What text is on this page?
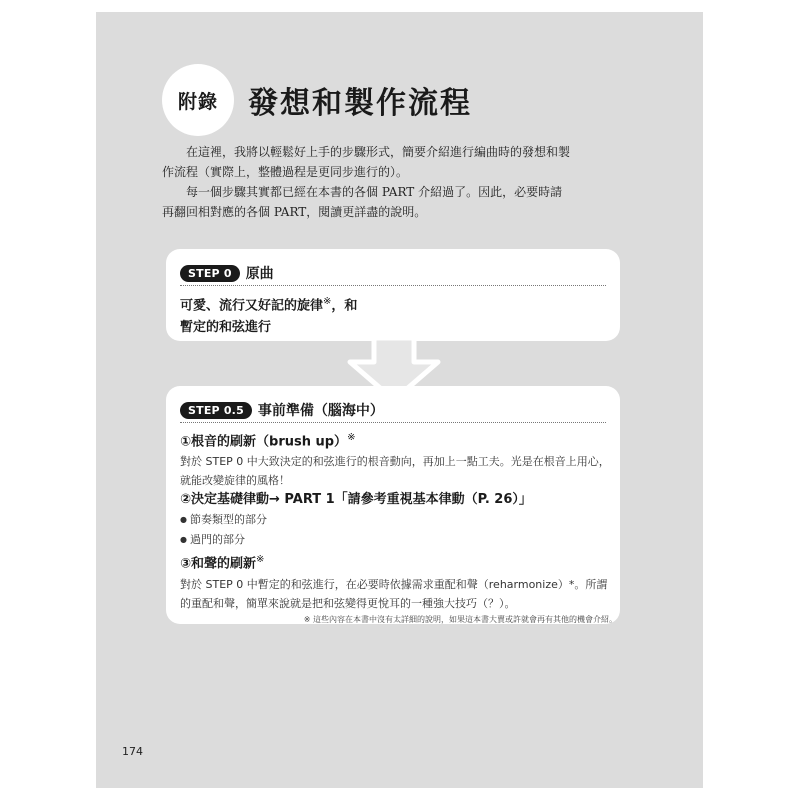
附錄	發想和製作流程

在這裡，我將以輕鬆好上手的步驟形式，簡要介紹進行編曲時的發想和製作流程（實際上，整體過程是更同步進行的）。

每一個步驟其實都已經在本書的各個 PART 介紹過了。因此，必要時請再翻回相對應的各個 PART，閱讀更詳盡的說明。

STEP 0	原曲
可愛、流行又好記的旋律※，和
暫定的和弦進行
STEP 0.5	事前準備（腦海中）
①根音的刷新（brush up）※
對於 STEP 0 中大致決定的和弦進行的根音動向，再加上一點工夫。光是在根音上用心，就能改變旋律的風格！
②決定基礎律動→ PART 1「請參考重視基本律動（P. 26）」
● 節奏類型的部分
● 過門的部分
③和聲的刷新※
對於 STEP 0 中暫定的和弦進行，在必要時依據需求重配和聲（reharmonize）*。所謂的重配和聲，簡單來說就是把和弦變得更悅耳的一種強大技巧（？）。
※ 這些內容在本書中沒有太詳細的說明，如果這本書大賣或許就會再有其他的機會介紹。
174
